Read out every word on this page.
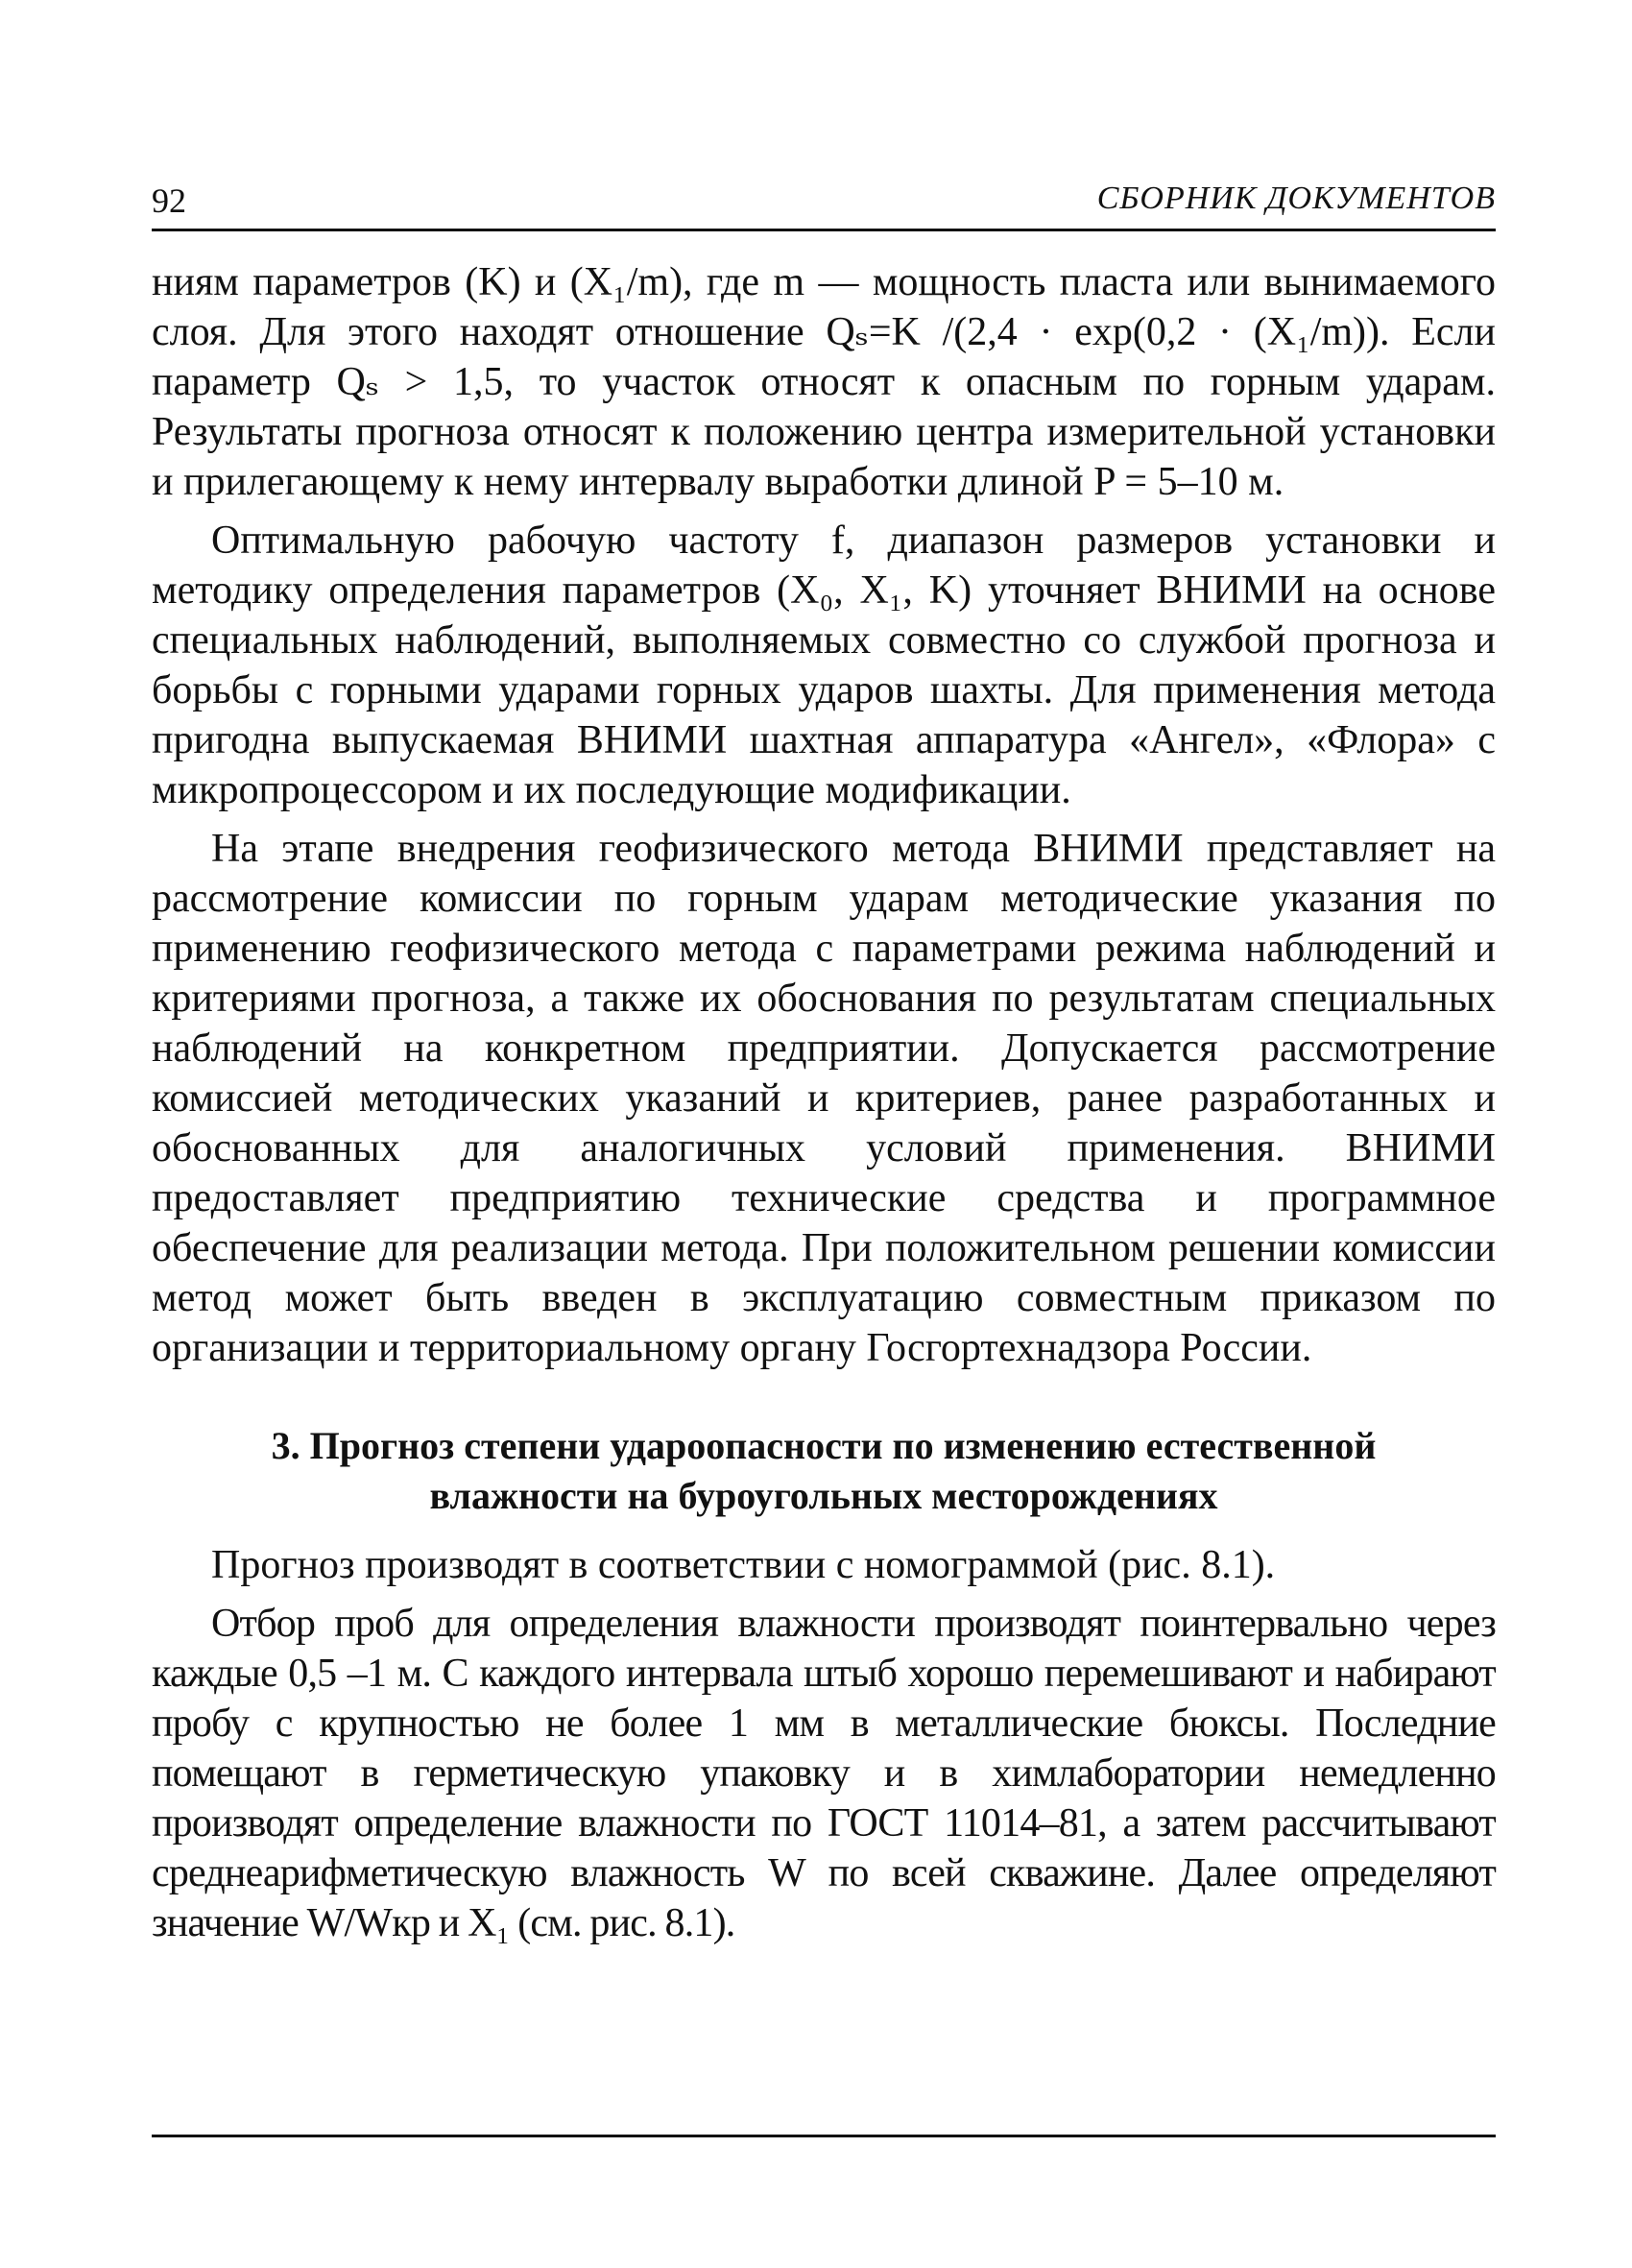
92	СБОРНИК ДОКУМЕНТОВ

ниям параметров (K) и (X₁/m), где m — мощность пласта или вынимаемого слоя. Для этого находят отношение Qₛ=K /(2,4 · exp(0,2 · (X₁/m)). Если параметр Qₛ > 1,5, то участок относят к опасным по горным ударам. Результаты прогноза относят к положению центра измерительной установки и прилегающему к нему интервалу выработки длиной P = 5–10 м.

Оптимальную рабочую частоту f, диапазон размеров установки и методику определения параметров (X₀, X₁, K) уточняет ВНИМИ на основе специальных наблюдений, выполняемых совместно со службой прогноза и борьбы с горными ударами горных ударов шахты. Для применения метода пригодна выпускаемая ВНИМИ шахтная аппаратура «Ангел», «Флора» с микропроцессором и их последующие модификации.

На этапе внедрения геофизического метода ВНИМИ представляет на рассмотрение комиссии по горным ударам методические указания по применению геофизического метода с параметрами режима наблюдений и критериями прогноза, а также их обоснования по результатам специальных наблюдений на конкретном предприятии. Допускается рассмотрение комиссией методических указаний и критериев, ранее разработанных и обоснованных для аналогичных условий применения. ВНИМИ предоставляет предприятию технические средства и программное обеспечение для реализации метода. При положительном решении комиссии метод может быть введен в эксплуатацию совместным приказом по организации и территориальному органу Госгортехнадзора России.

3. Прогноз степени удароопасности по изменению естественной влажности на буроугольных месторождениях

Прогноз производят в соответствии с номограммой (рис. 8.1).

Отбор проб для определения влажности производят поинтервально через каждые 0,5 –1 м. С каждого интервала штыб хорошо перемешивают и набирают пробу с крупностью не более 1 мм в металлические бюксы. Последние помещают в герметическую упаковку и в химлаборатории немедленно производят определение влажности по ГОСТ 11014–81, а затем рассчитывают среднеарифметическую влажность W по всей скважине. Далее определяют значение W/Wкр и X₁ (см. рис. 8.1).
